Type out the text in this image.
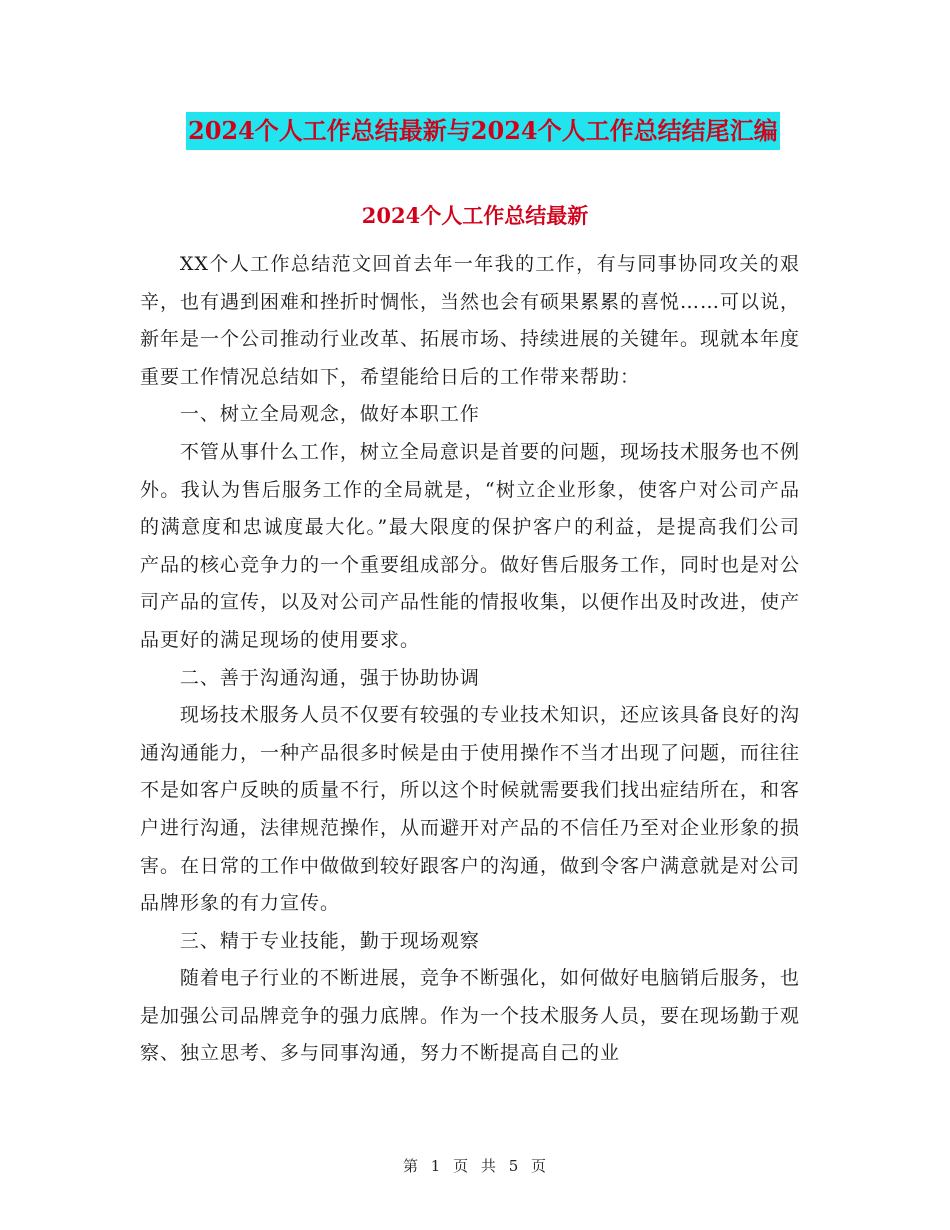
2024个人工作总结最新与2024个人工作总结结尾汇编
2024个人工作总结最新

XX个人工作总结范文回首去年一年我的工作，有与同事协同攻关的艰辛，也有遇到困难和挫折时惆怅，当然也会有硕果累累的喜悦……可以说，新年是一个公司推动行业改革、拓展市场、持续进展的关键年。现就本年度重要工作情况总结如下，希望能给日后的工作带来帮助：

一、树立全局观念，做好本职工作

不管从事什么工作，树立全局意识是首要的问题，现场技术服务也不例外。我认为售后服务工作的全局就是，“树立企业形象，使客户对公司产品的满意度和忠诚度最大化。”最大限度的保护客户的利益，是提高我们公司产品的核心竞争力的一个重要组成部分。做好售后服务工作，同时也是对公司产品的宣传，以及对公司产品性能的情报收集，以便作出及时改进，使产品更好的满足现场的使用要求。

二、善于沟通沟通，强于协助协调

现场技术服务人员不仅要有较强的专业技术知识，还应该具备良好的沟通沟通能力，一种产品很多时候是由于使用操作不当才出现了问题，而往往不是如客户反映的质量不行，所以这个时候就需要我们找出症结所在，和客户进行沟通，法律规范操作，从而避开对产品的不信任乃至对企业形象的损害。在日常的工作中做做到较好跟客户的沟通，做到令客户满意就是对公司品牌形象的有力宣传。

三、精于专业技能，勤于现场观察

随着电子行业的不断进展，竞争不断强化，如何做好电脑销后服务，也是加强公司品牌竞争的强力底牌。作为一个技术服务人员，要在现场勤于观察、独立思考、多与同事沟通，努力不断提高自己的业

第 1 页 共 5 页
